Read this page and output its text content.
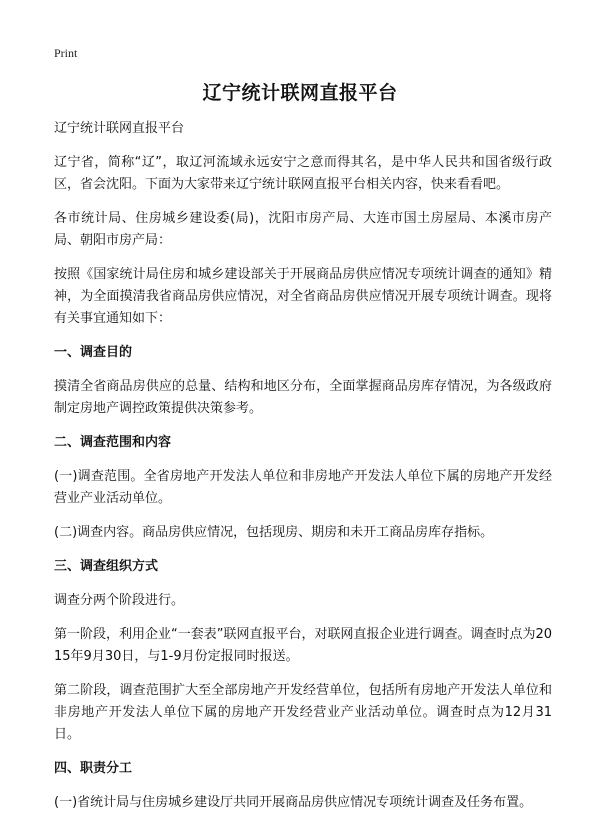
Print
辽宁统计联网直报平台
辽宁统计联网直报平台
辽宁省，简称“辽”，取辽河流域永远安宁之意而得其名，是中华人民共和国省级行政区，省会沈阳。下面为大家带来辽宁统计联网直报平台相关内容，快来看看吧。
各市统计局、住房城乡建设委(局)，沈阳市房产局、大连市国土房屋局、本溪市房产局、朝阳市房产局：
按照《国家统计局住房和城乡建设部关于开展商品房供应情况专项统计调查的通知》精神，为全面摸清我省商品房供应情况，对全省商品房供应情况开展专项统计调查。现将有关事宜通知如下：
一、调查目的
摸清全省商品房供应的总量、结构和地区分布，全面掌握商品房库存情况，为各级政府制定房地产调控政策提供决策参考。
二、调查范围和内容
(一)调查范围。全省房地产开发法人单位和非房地产开发法人单位下属的房地产开发经营业产业活动单位。
(二)调查内容。商品房供应情况，包括现房、期房和未开工商品房库存指标。
三、调查组织方式
调查分两个阶段进行。
第一阶段，利用企业“一套表”联网直报平台，对联网直报企业进行调查。调查时点为2015年9月30日，与1-9月份定报同时报送。
第二阶段，调查范围扩大至全部房地产开发经营单位，包括所有房地产开发法人单位和非房地产开发法人单位下属的房地产开发经营业产业活动单位。调查时点为12月31日。
四、职责分工
(一)省统计局与住房城乡建设厅共同开展商品房供应情况专项统计调查及任务布置。
